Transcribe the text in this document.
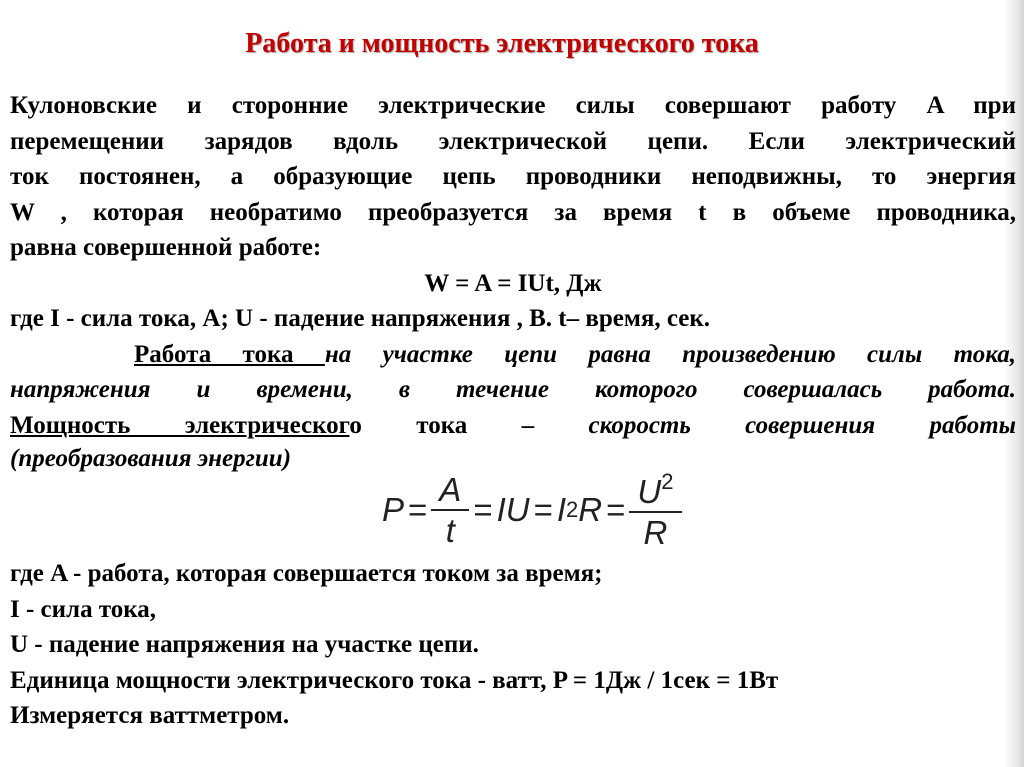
Работа и мощность электрического тока
Кулоновские и сторонние электрические силы совершают работу A при
перемещении зарядов вдоль электрической цепи. Если электрический
ток постоянен, а образующие цепь проводники неподвижны, то энергия
W , которая необратимо преобразуется за время t в объеме проводника,
равна совершенной работе:
W = A = IUt, Дж
где I - сила тока, A; U - падение напряжения , В. t– время, сек.
Работа тока на участке цепи равна произведению силы тока,
напряжения и времени, в течение которого совершалась работа.
Мощность электрического тока – скорость совершения работы
(преобразования энергии)
$P = \frac{A}{t}$ = IU = I 2 $R = \frac{U^2}{R}$
где A - работа, которая совершается током за время;
I - сила тока,
U - падение напряжения на участке цепи.
Единица мощности электрического тока - ватт, P = 1Дж / 1сек = 1Вт
Измеряется ваттметром.
